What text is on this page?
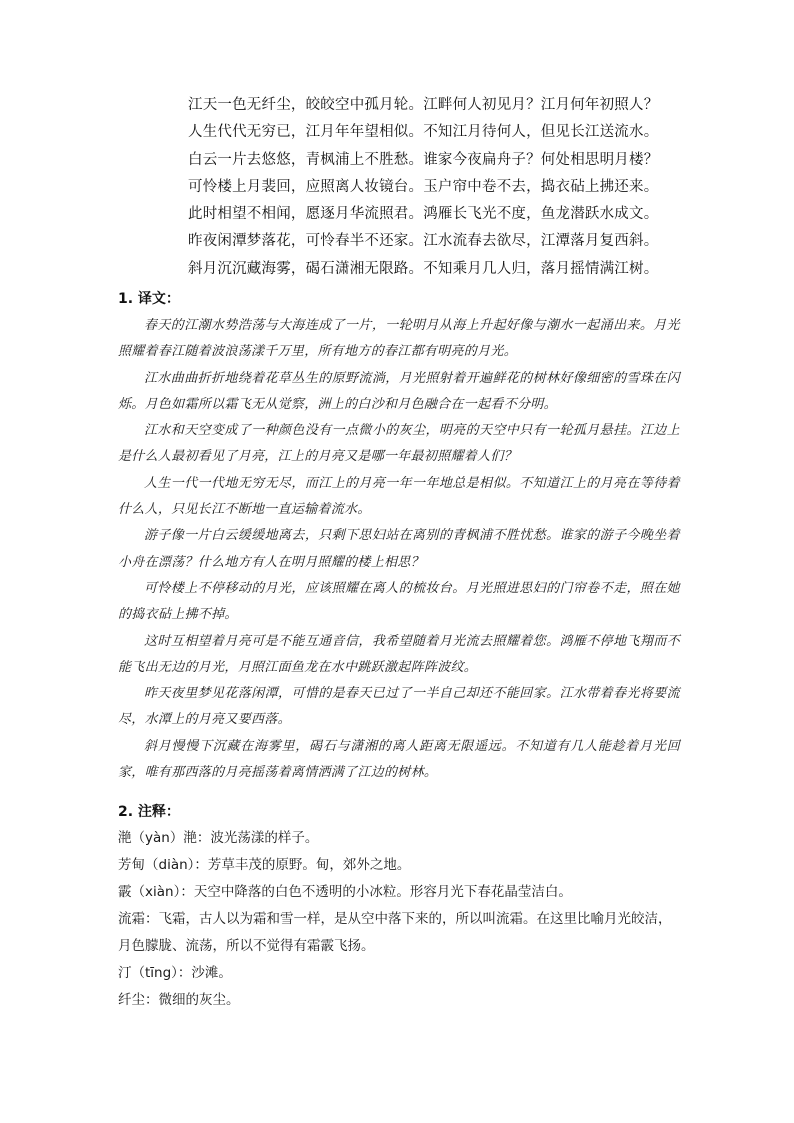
江天一色无纤尘，皎皎空中孤月轮。江畔何人初见月？江月何年初照人？
人生代代无穷已，江月年年望相似。不知江月待何人，但见长江送流水。
白云一片去悠悠，青枫浦上不胜愁。谁家今夜扁舟子？何处相思明月楼？
可怜楼上月裴回，应照离人妆镜台。玉户帘中卷不去，捣衣砧上拂还来。
此时相望不相闻，愿逐月华流照君。鸿雁长飞光不度，鱼龙潜跃水成文。
昨夜闲潭梦落花，可怜春半不还家。江水流春去欲尽，江潭落月复西斜。
斜月沉沉藏海雾，碣石潇湘无限路。不知乘月几人归，落月摇情满江树。
1. 译文：
春天的江潮水势浩荡与大海连成了一片，一轮明月从海上升起好像与潮水一起涌出来。月光照耀着春江随着波浪荡漾千万里，所有地方的春江都有明亮的月光。
江水曲曲折折地绕着花草丛生的原野流淌，月光照射着开遍鲜花的树林好像细密的雪珠在闪烁。月色如霜所以霜飞无从觉察，洲上的白沙和月色融合在一起看不分明。
江水和天空变成了一种颜色没有一点微小的灰尘，明亮的天空中只有一轮孤月悬挂。江边上是什么人最初看见了月亮，江上的月亮又是哪一年最初照耀着人们？
人生一代一代地无穷无尽，而江上的月亮一年一年地总是相似。不知道江上的月亮在等待着什么人，只见长江不断地一直运输着流水。
游子像一片白云缓缓地离去，只剩下思妇站在离别的青枫浦不胜忧愁。谁家的游子今晚坐着小舟在漂荡？什么地方有人在明月照耀的楼上相思？
可怜楼上不停移动的月光，应该照耀在离人的梳妆台。月光照进思妇的门帘卷不走，照在她的捣衣砧上拂不掉。
这时互相望着月亮可是不能互通音信，我希望随着月光流去照耀着您。鸿雁不停地飞翔而不能飞出无边的月光，月照江面鱼龙在水中跳跃激起阵阵波纹。
昨天夜里梦见花落闲潭，可惜的是春天已过了一半自己却还不能回家。江水带着春光将要流尽，水潭上的月亮又要西落。
斜月慢慢下沉藏在海雾里，碣石与潇湘的离人距离无限遥远。不知道有几人能趁着月光回家，唯有那西落的月亮摇荡着离情洒满了江边的树林。
2. 注释：
滟（yàn）滟：波光荡漾的样子。
芳甸（diàn）：芳草丰茂的原野。甸，郊外之地。
霰（xiàn）：天空中降落的白色不透明的小冰粒。形容月光下春花晶莹洁白。
流霜：飞霜，古人以为霜和雪一样，是从空中落下来的，所以叫流霜。在这里比喻月光皎洁，月色朦胧、流荡，所以不觉得有霜霰飞扬。
汀（tīng）：沙滩。
纤尘：微细的灰尘。
